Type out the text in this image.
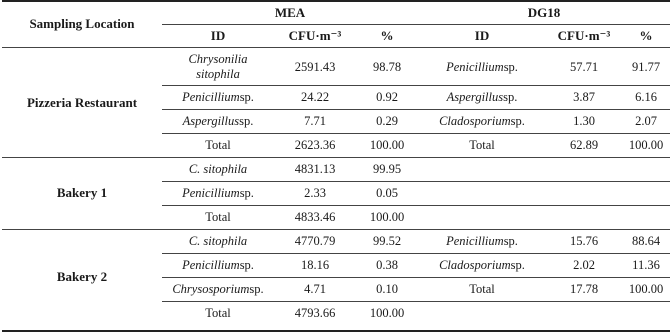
Sampling Location
MEA	DG18
ID	CFU·m⁻³	%	ID	CFU·m⁻³	%
Pizzeria Restaurant
Chrysonilia sitophila	2591.43	98.78	Penicillium sp.	57.71	91.77
Penicillium sp.	24.22	0.92	Aspergillus sp.	3.87	6.16
Aspergillus sp.	7.71	0.29	Cladosporium sp.	1.30	2.07
Total	2623.36	100.00	Total	62.89	100.00
Bakery 1
C. sitophila	4831.13	99.95
Penicillium sp.	2.33	0.05
Total	4833.46	100.00
Bakery 2
C. sitophila	4770.79	99.52	Penicillium sp.	15.76	88.64
Penicillium sp.	18.16	0.38	Cladosporium sp.	2.02	11.36
Chrysosporium sp.	4.71	0.10	Total	17.78	100.00
Total	4793.66	100.00
